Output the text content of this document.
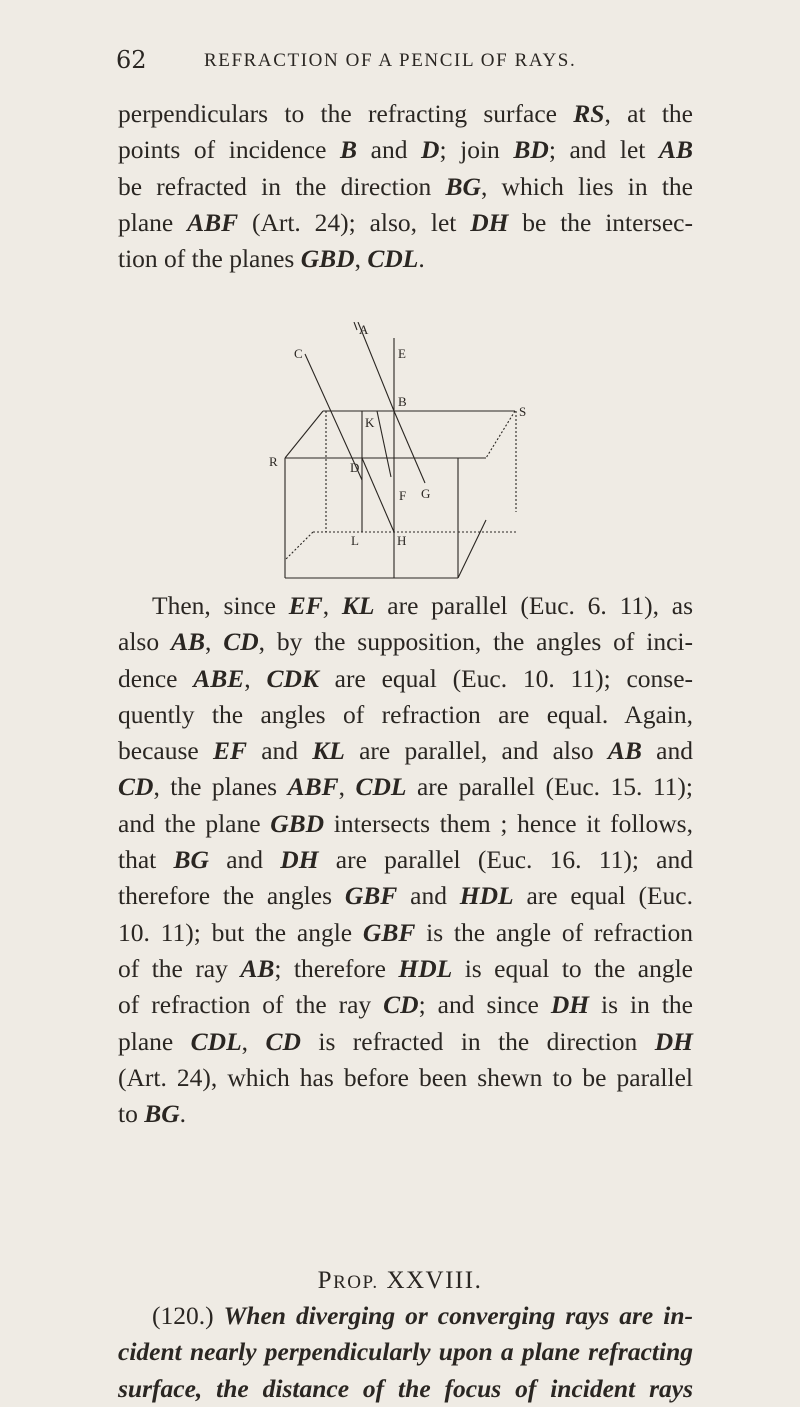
62	REFRACTION OF A PENCIL OF RAYS.
perpendiculars to the refracting surface RS, at the
points of incidence B and D; join BD; and let AB
be refracted in the direction BG, which lies in the
plane ABF (Art. 24); also, let DH be the intersec-
tion of the planes GBD, CDL.
A
C	E
B
S
K
R	D
F G
L	H
Then, since EF, KL are parallel (Euc. 6. 11), as
also AB, CD, by the supposition, the angles of inci-
dence ABE, CDK are equal (Euc. 10. 11); conse-
quently the angles of refraction are equal. Again,
because EF and KL are parallel, and also AB and
CD, the planes ABF, CDL are parallel (Euc. 15. 11);
and the plane GBD intersects them ; hence it follows,
that BG and DH are parallel (Euc. 16. 11); and
therefore the angles GBF and HDL are equal (Euc.
10. 11); but the angle GBF is the angle of refraction
of the ray AB; therefore HDL is equal to the angle
of refraction of the ray CD; and since DH is in the
plane CDL, CD is refracted in the direction DH
(Art. 24), which has before been shewn to be parallel
to BG.
PROP. XXVIII.
(120.) When diverging or converging rays are in-
cident nearly perpendicularly upon a plane refracting
surface, the distance of the focus of incident rays
